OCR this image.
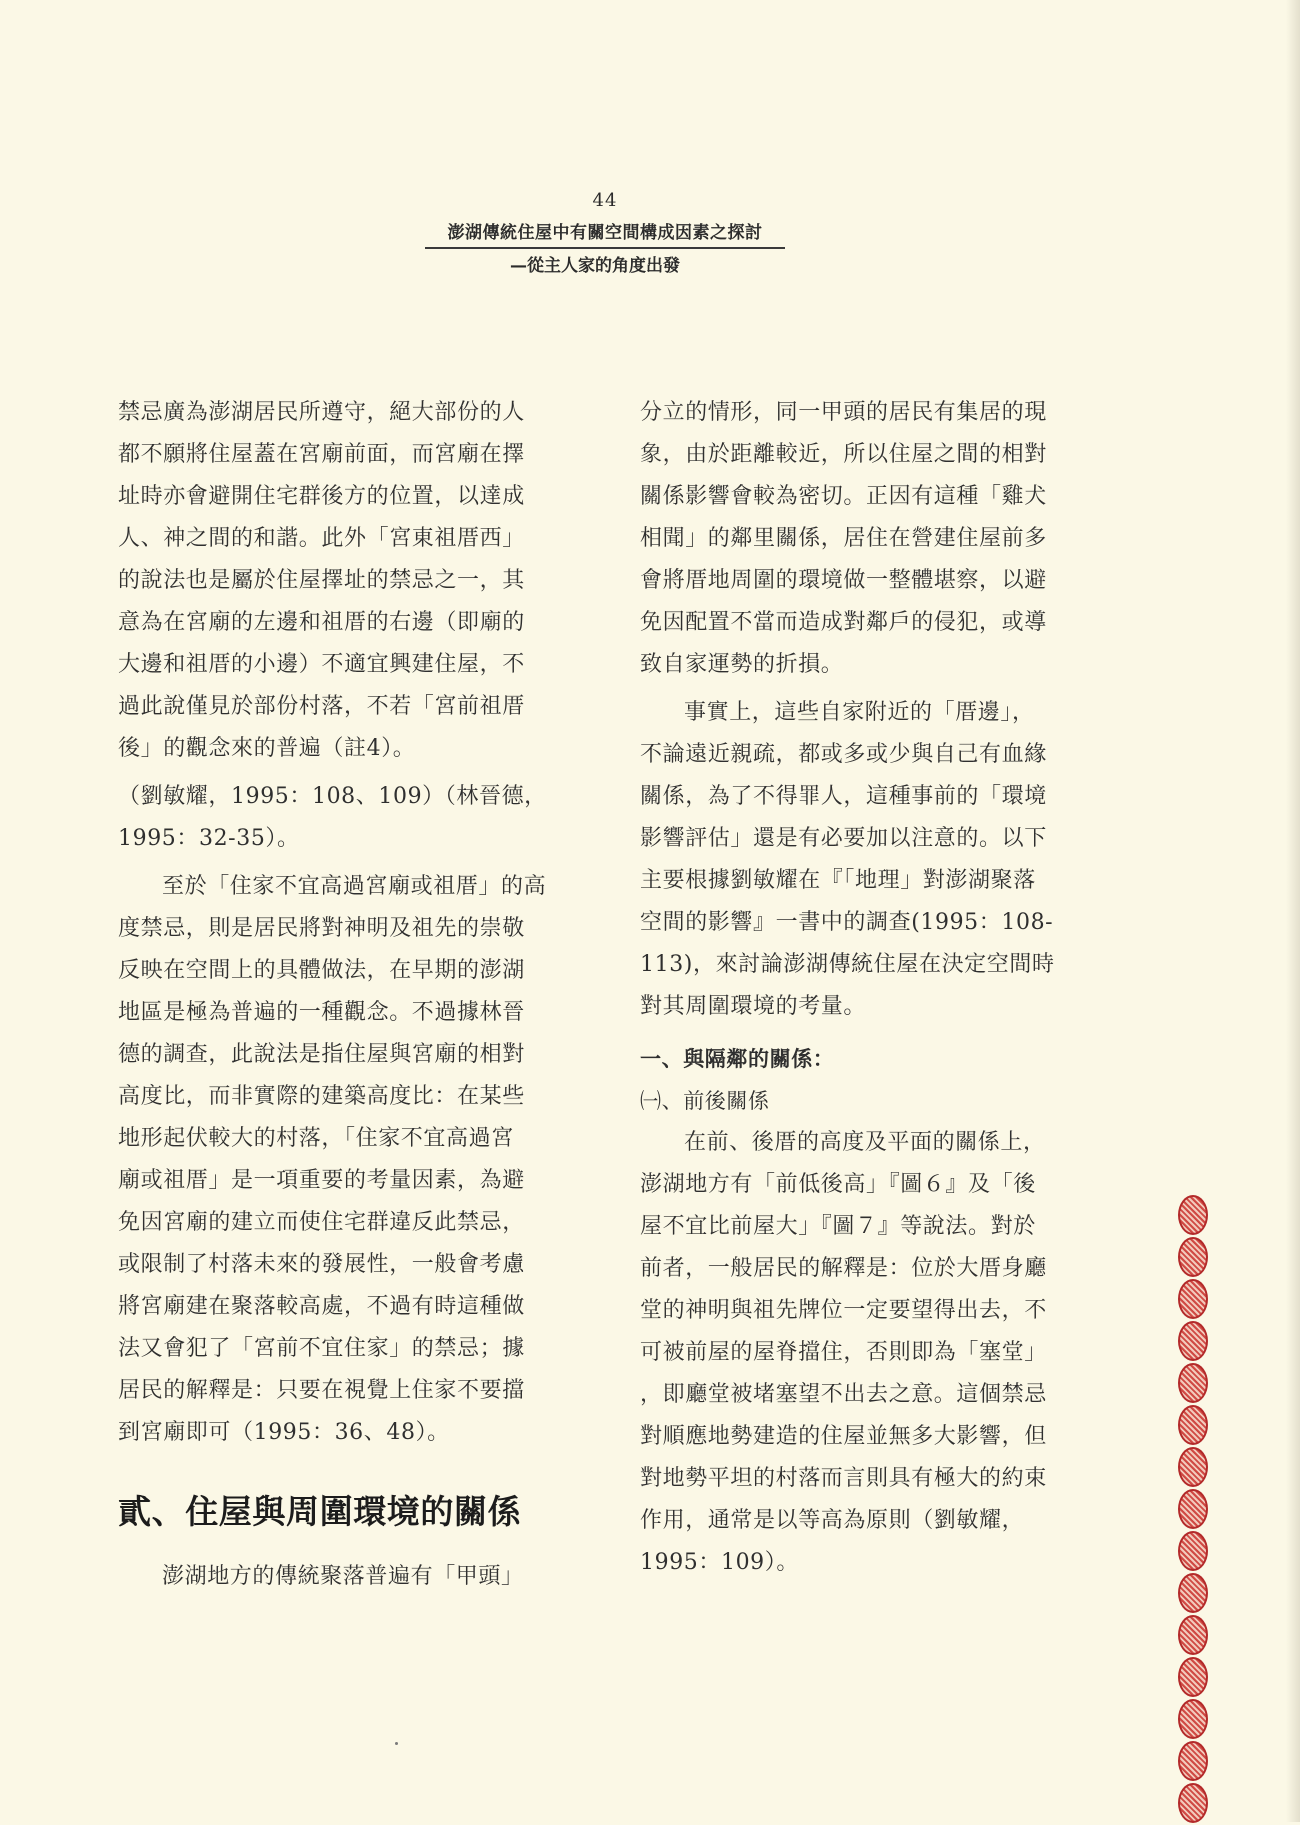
44
澎湖傳統住屋中有關空間構成因素之探討
—從主人家的角度出發

禁忌廣為澎湖居民所遵守，絕大部份的人

都不願將住屋蓋在宮廟前面，而宮廟在擇

址時亦會避開住宅群後方的位置，以達成

人、神之間的和諧。此外「宮東祖厝西」

的說法也是屬於住屋擇址的禁忌之一，其

意為在宮廟的左邊和祖厝的右邊（即廟的

大邊和祖厝的小邊）不適宜興建住屋，不

過此說僅見於部份村落，不若「宮前祖厝

後」的觀念來的普遍（註4）。

（劉敏耀，1995：108、109）（林晉德，

1995：32-35）。

至於「住家不宜高過宮廟或祖厝」的高

度禁忌，則是居民將對神明及祖先的崇敬

反映在空間上的具體做法，在早期的澎湖

地區是極為普遍的一種觀念。不過據林晉

德的調查，此說法是指住屋與宮廟的相對

高度比，而非實際的建築高度比：在某些

地形起伏較大的村落，「住家不宜高過宮

廟或祖厝」是一項重要的考量因素，為避

免因宮廟的建立而使住宅群違反此禁忌，

或限制了村落未來的發展性，一般會考慮

將宮廟建在聚落較高處，不過有時這種做

法又會犯了「宮前不宜住家」的禁忌；據

居民的解釋是：只要在視覺上住家不要擋

到宮廟即可（1995：36、48）。

貳、住屋與周圍環境的關係

澎湖地方的傳統聚落普遍有「甲頭」

分立的情形，同一甲頭的居民有集居的現

象，由於距離較近，所以住屋之間的相對

關係影響會較為密切。正因有這種「雞犬

相聞」的鄰里關係，居住在營建住屋前多

會將厝地周圍的環境做一整體堪察，以避

免因配置不當而造成對鄰戶的侵犯，或導

致自家運勢的折損。

事實上，這些自家附近的「厝邊」，

不論遠近親疏，都或多或少與自己有血緣

關係，為了不得罪人，這種事前的「環境

影響評估」還是有必要加以注意的。以下

主要根據劉敏耀在『「地理」對澎湖聚落

空間的影響』一書中的調查(1995：108-

113)，來討論澎湖傳統住屋在決定空間時

對其周圍環境的考量。

一、與隔鄰的關係：

㈠、前後關係

在前、後厝的高度及平面的關係上，

澎湖地方有「前低後高」『圖６』及「後

屋不宜比前屋大」『圖７』等說法。對於

前者，一般居民的解釋是：位於大厝身廳

堂的神明與祖先牌位一定要望得出去，不

可被前屋的屋脊擋住，否則即為「塞堂」

，即廳堂被堵塞望不出去之意。這個禁忌

對順應地勢建造的住屋並無多大影響，但

對地勢平坦的村落而言則具有極大的約束

作用，通常是以等高為原則（劉敏耀，

1995：109）。
